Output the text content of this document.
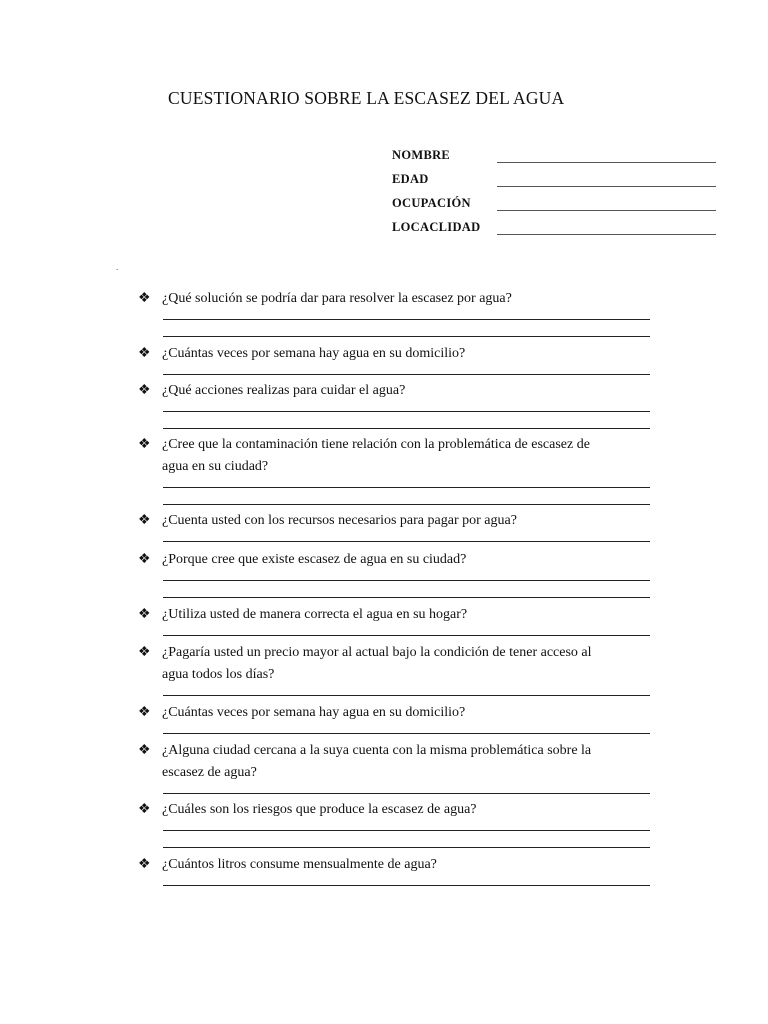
CUESTIONARIO SOBRE LA ESCASEZ DEL AGUA
NOMBRE
EDAD
OCUPACIÓN
LOCACLIDAD
.
❖ ¿Qué solución se podría dar para resolver la escasez por agua?
❖ ¿Cuántas veces por semana hay agua en su domicilio?
❖ ¿Qué acciones realizas para cuidar el agua?
❖ ¿Cree que la contaminación tiene relación con la problemática de escasez de
agua en su ciudad?
❖ ¿Cuenta usted con los recursos necesarios para pagar por agua?
❖ ¿Porque cree que existe escasez de agua en su ciudad?
❖ ¿Utiliza usted de manera correcta el agua en su hogar?
❖ ¿Pagaría usted un precio mayor al actual bajo la condición de tener acceso al
agua todos los días?
❖ ¿Cuántas veces por semana hay agua en su domicilio?
❖ ¿Alguna ciudad cercana a la suya cuenta con la misma problemática sobre la
escasez de agua?
❖ ¿Cuáles son los riesgos que produce la escasez de agua?
❖ ¿Cuántos litros consume mensualmente de agua?
